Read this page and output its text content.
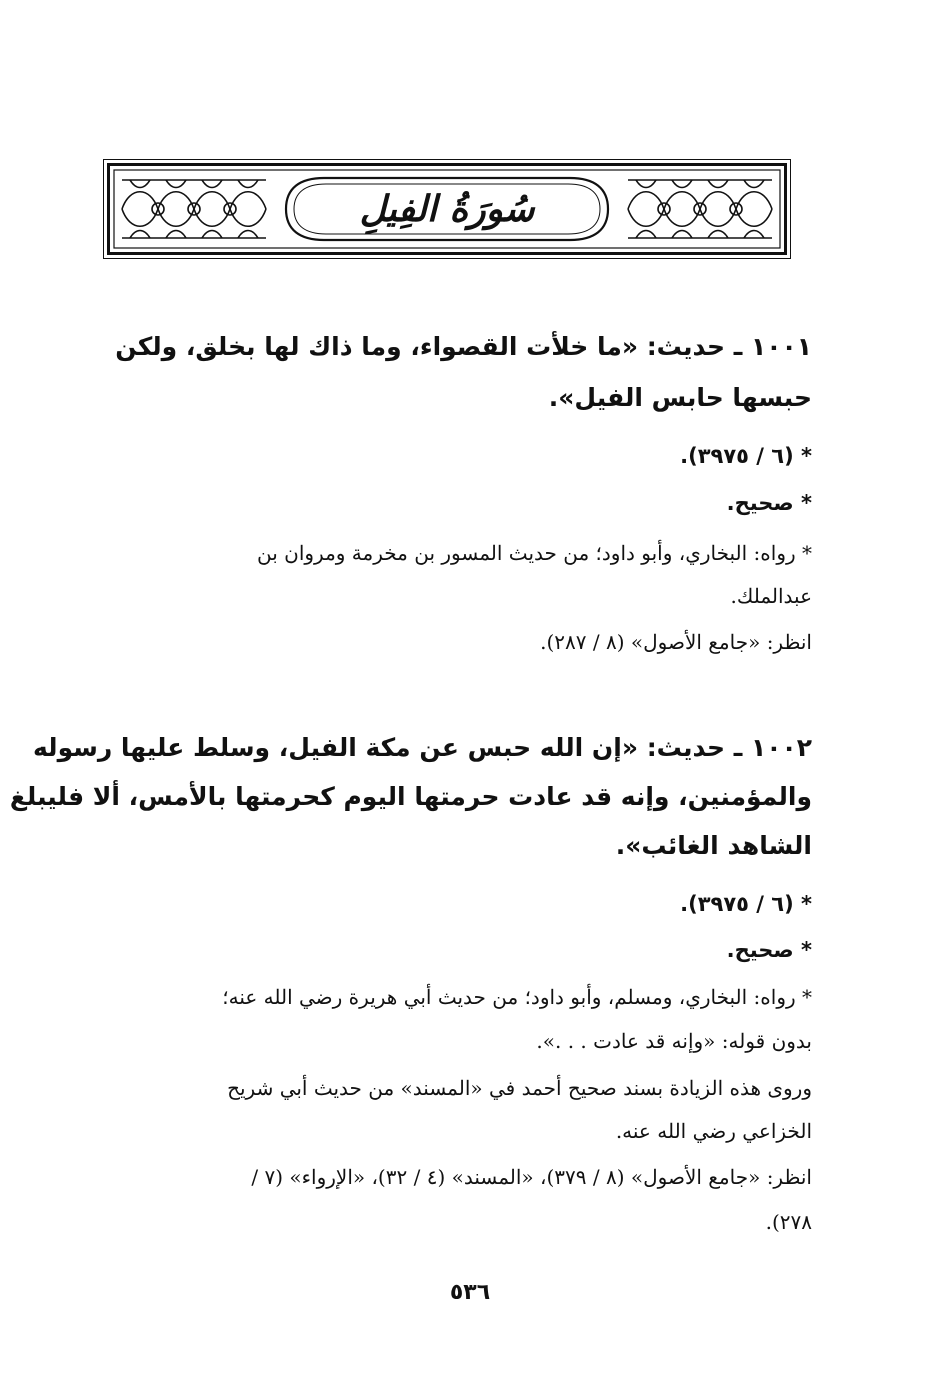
سُورَةُ الفِيلِ
١٠٠١ ـ حديث: «ما خلأت القصواء، وما ذاك لها بخلق، ولكن
حبسها حابس الفيل».
* (٦ / ٣٩٧٥).
* صحيح.
* رواه: البخاري، وأبو داود؛ من حديث المسور بن مخرمة ومروان بن
عبدالملك.
انظر: «جامع الأصول» (٨ / ٢٨٧).
١٠٠٢ ـ حديث: «إن الله حبس عن مكة الفيل، وسلط عليها رسوله
والمؤمنين، وإنه قد عادت حرمتها اليوم كحرمتها بالأمس، ألا فليبلغ
الشاهد الغائب».
* (٦ / ٣٩٧٥).
* صحيح.
* رواه: البخاري، ومسلم، وأبو داود؛ من حديث أبي هريرة رضي الله عنه؛
بدون قوله: «وإنه قد عادت . . .».
وروى هذه الزيادة بسند صحيح أحمد في «المسند» من حديث أبي شريح
الخزاعي رضي الله عنه.
انظر: «جامع الأصول» (٨ / ٣٧٩)، «المسند» (٤ / ٣٢)، «الإرواء» (٧ /
٢٧٨).
٥٣٦
